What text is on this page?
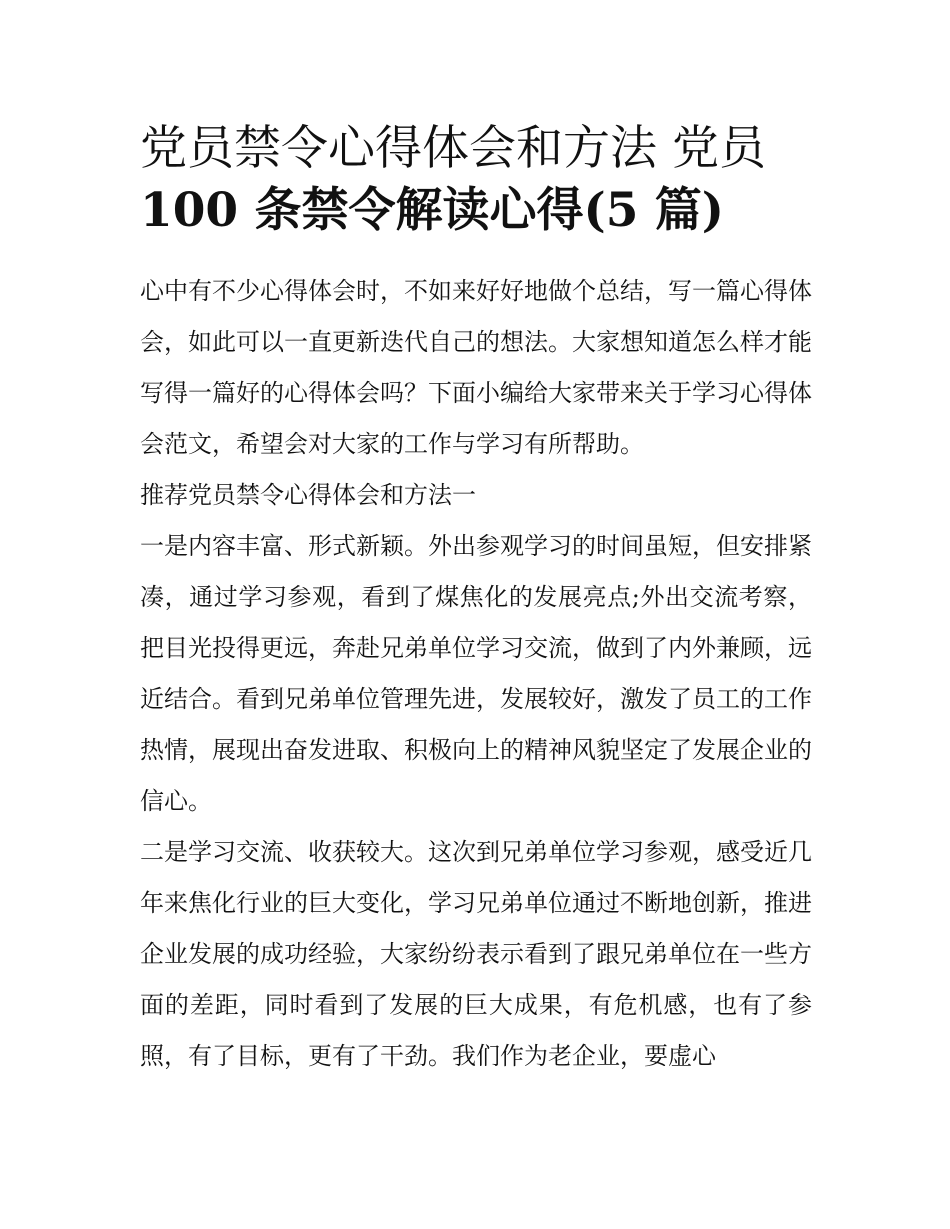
党员禁令心得体会和方法 党员
100 条禁令解读心得(5 篇)

心中有不少心得体会时，不如来好好地做个总结，写一篇心得体会，如此可以一直更新迭代自己的想法。大家想知道怎么样才能写得一篇好的心得体会吗？下面小编给大家带来关于学习心得体会范文，希望会对大家的工作与学习有所帮助。

推荐党员禁令心得体会和方法一

一是内容丰富、形式新颖。外出参观学习的时间虽短，但安排紧凑，通过学习参观，看到了煤焦化的发展亮点;外出交流考察，把目光投得更远，奔赴兄弟单位学习交流，做到了内外兼顾，远近结合。看到兄弟单位管理先进，发展较好，激发了员工的工作热情，展现出奋发进取、积极向上的精神风貌坚定了发展企业的信心。

二是学习交流、收获较大。这次到兄弟单位学习参观，感受近几年来焦化行业的巨大变化，学习兄弟单位通过不断地创新，推进企业发展的成功经验，大家纷纷表示看到了跟兄弟单位在一些方面的差距，同时看到了发展的巨大成果，有危机感，也有了参照，有了目标，更有了干劲。我们作为老企业，要虚心
